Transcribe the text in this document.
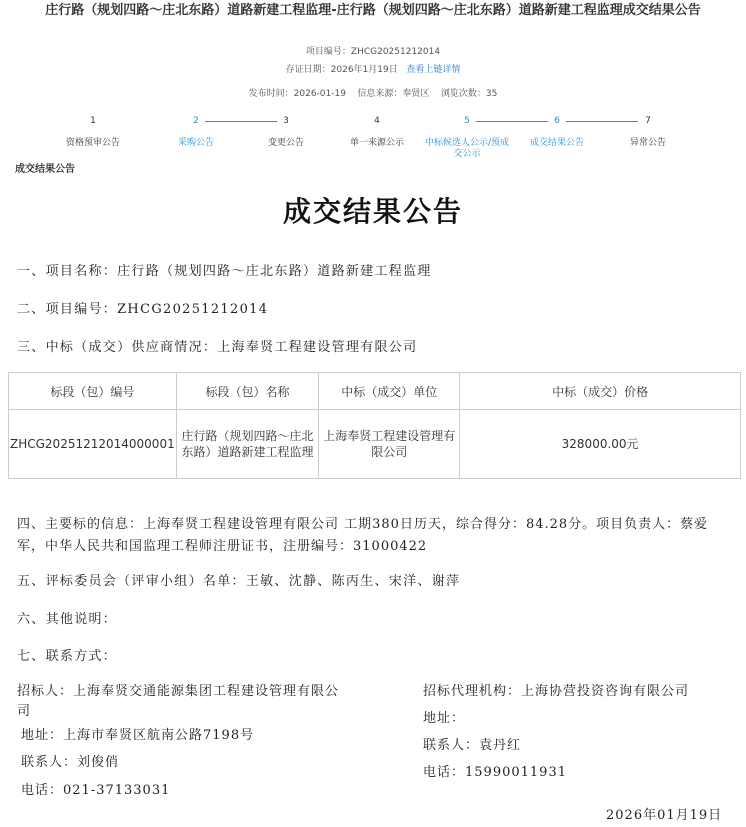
庄行路（规划四路～庄北东路）道路新建工程监理-庄行路（规划四路～庄北东路）道路新建工程监理成交结果公告
项目编号：ZHCG20251212014
存证日期：2026年1月19日 查看上链详情
发布时间：2026-01-19 信息来源：奉贤区 浏览次数：35
1
资格预审公告
2
采购公告
3
变更公告
4
单一来源公示
5
中标候选人公示/预成交公示
6
成交结果公告
7
异常公告
成交结果公告
成交结果公告
一、项目名称：庄行路（规划四路～庄北东路）道路新建工程监理
二、项目编号：ZHCG20251212014
三、中标（成交）供应商情况：上海奉贤工程建设管理有限公司
标段（包）编号	标段（包）名称	中标（成交）单位	中标（成交）价格
ZHCG20251212014000001	庄行路（规划四路～庄北东路）道路新建工程监理	上海奉贤工程建设管理有限公司	328000.00元
四、主要标的信息：上海奉贤工程建设管理有限公司 工期380日历天，综合得分：84.28分。项目负责人：蔡爱军，中华人民共和国监理工程师注册证书，注册编号：31000422
五、评标委员会（评审小组）名单：王敏、沈静、陈丙生、宋洋、谢萍
六、其他说明：
七、联系方式：
招标人：上海奉贤交通能源集团工程建设管理有限公司
地址：上海市奉贤区航南公路7198号
联系人：刘俊俏
电话：021-37133031
招标代理机构：上海协营投资咨询有限公司
地址：
联系人：袁丹红
电话：15990011931
2026年01月19日
